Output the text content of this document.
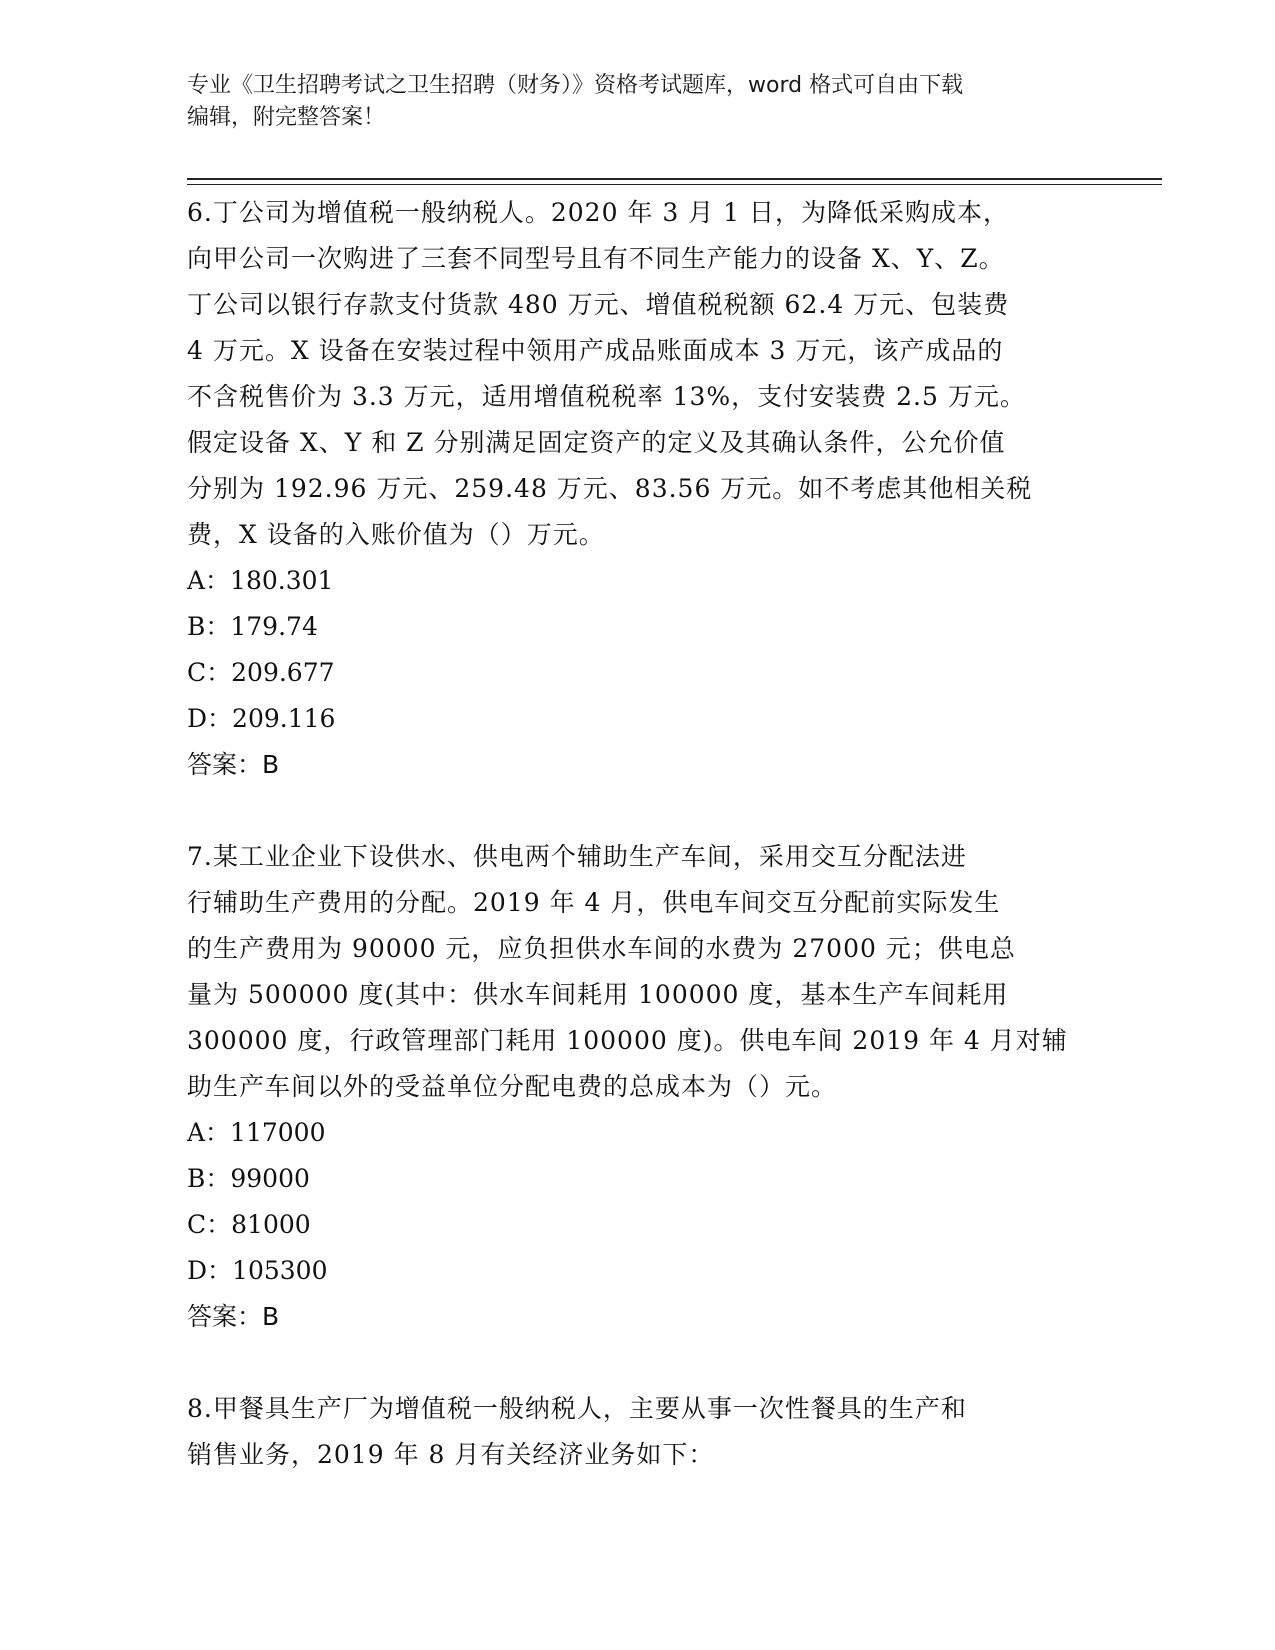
专业《卫生招聘考试之卫生招聘（财务）》资格考试题库，word 格式可自由下载
编辑，附完整答案！

6.丁公司为增值税一般纳税人。2020 年 3 月 1 日，为降低采购成本，

向甲公司一次购进了三套不同型号且有不同生产能力的设备 X、Y、Z。

丁公司以银行存款支付货款 480 万元、增值税税额 62.4 万元、包装费

4 万元。X 设备在安装过程中领用产成品账面成本 3 万元，该产成品的

不含税售价为 3.3 万元，适用增值税税率 13%，支付安装费 2.5 万元。

假定设备 X、Y 和 Z 分别满足固定资产的定义及其确认条件，公允价值

分别为 192.96 万元、259.48 万元、83.56 万元。如不考虑其他相关税

费，X 设备的入账价值为（）万元。

A：180.301

B：179.74

C：209.677

D：209.116

答案：B

7.某工业企业下设供水、供电两个辅助生产车间，采用交互分配法进

行辅助生产费用的分配。2019 年 4 月，供电车间交互分配前实际发生

的生产费用为 90000 元，应负担供水车间的水费为 27000 元；供电总

量为 500000 度(其中：供水车间耗用 100000 度，基本生产车间耗用

300000 度，行政管理部门耗用 100000 度)。供电车间 2019 年 4 月对辅

助生产车间以外的受益单位分配电费的总成本为（）元。

A：117000

B：99000

C：81000

D：105300

答案：B

8.甲餐具生产厂为增值税一般纳税人，主要从事一次性餐具的生产和

销售业务，2019 年 8 月有关经济业务如下：
